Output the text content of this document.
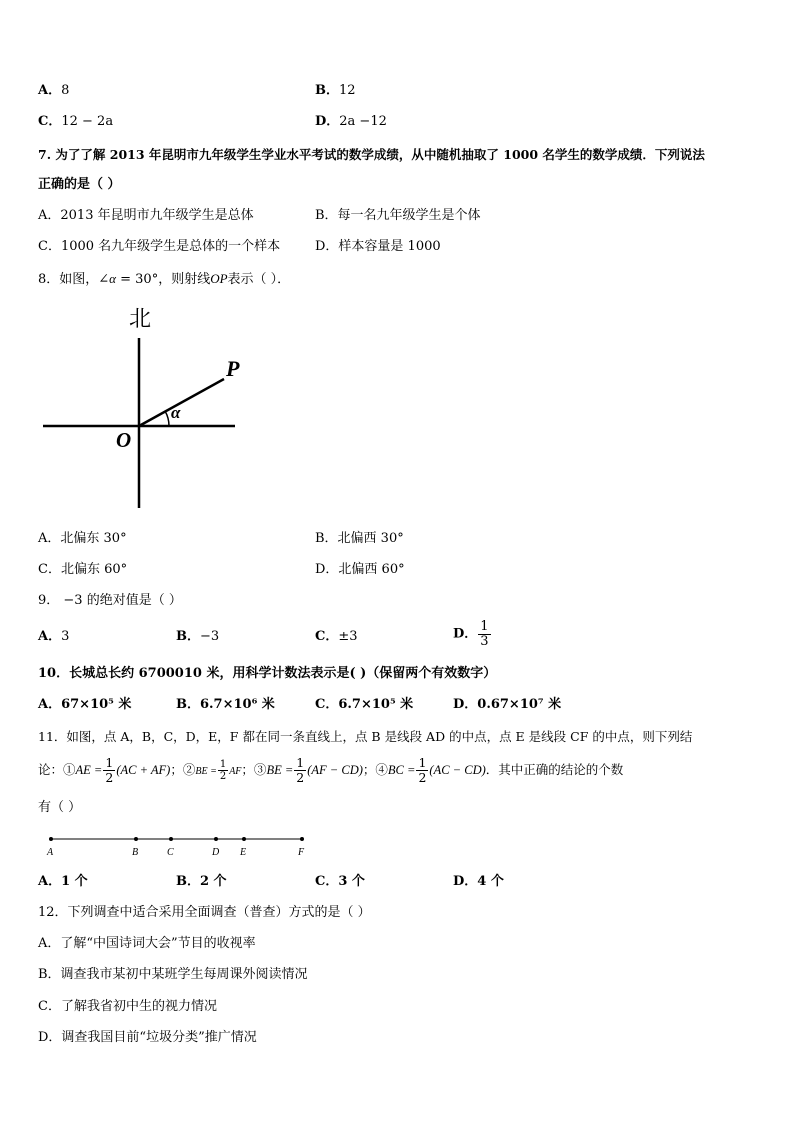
A．8	B．12
C．12 − 2a	D．2a −12
7. 为了了解 2013 年昆明市九年级学生学业水平考试的数学成绩，从中随机抽取了 1000 名学生的数学成绩．下列说法
正确的是（ ）
A．2013 年昆明市九年级学生是总体	B．每一名九年级学生是个体
C．1000 名九年级学生是总体的一个样本	D．样本容量是 1000
8．如图，∠α = 30°，则射线OP表示（ ）．
北
P
O
α
A．北偏东 30°	B．北偏西 30°
C．北偏东 60°	D．北偏西 60°
9． −3 的绝对值是（ ）
A．3	B．−3	C．±3	D． $\frac{1}{3}$
10．长城总长约 6700010 米，用科学计数法表示是( )（保留两个有效数字）
A．67×10⁵ 米	B．6.7×10⁶ 米	C．6.7×10⁵ 米	D．0.67×10⁷ 米
11．如图，点 A，B，C，D，E，F 都在同一条直线上，点 B 是线段 AD 的中点，点 E 是线段 CF 的中点，则下列结
论：①AE = $\frac{1}{2} (AC + AF)$；②BE = $\frac{1}{2}$ AF；③BE = $\frac{1}{2} (AF - CD)$；④BC = $\frac{1}{2} (AC - CD)$．其中正确的结论的个数
有（ ）
A	B	C	D E	F
A．1 个	B．2 个	C．3 个	D．4 个
12．下列调查中适合采用全面调查（普查）方式的是（ ）
A．了解“中国诗词大会”节目的收视率
B．调查我市某初中某班学生每周课外阅读情况
C．了解我省初中生的视力情况
D．调查我国目前“垃圾分类”推广情况
